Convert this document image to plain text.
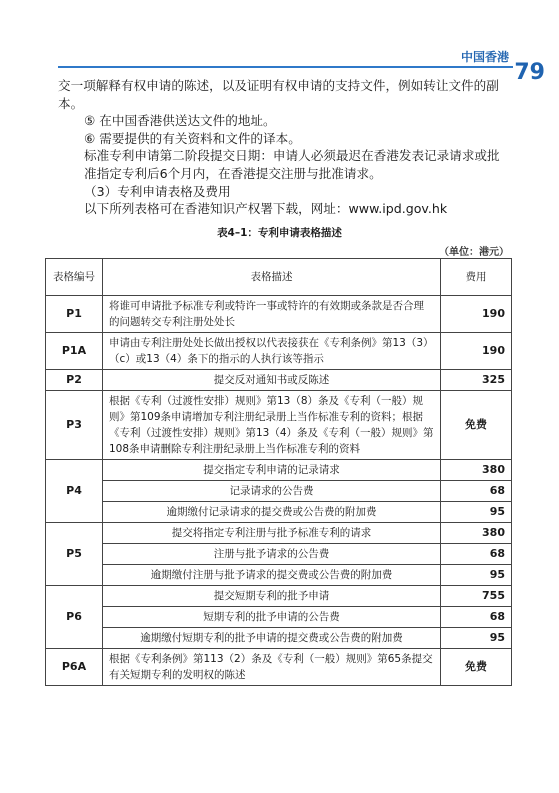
中国香港
79

交一项解释有权申请的陈述，以及证明有权申请的支持文件，例如转让文件的副本。

⑤ 在中国香港供送达文件的地址。

⑥ 需要提供的有关资料和文件的译本。

标准专利申请第二阶段提交日期：申请人必须最迟在香港发表记录请求或批准指定专利后6个月内，在香港提交注册与批准请求。

（3）专利申请表格及费用

以下所列表格可在香港知识产权署下载，网址：www.ipd.gov.hk

表4–1：专利申请表格描述
（单位：港元）
表格编号	表格描述	费用
P1	将谁可申请批予标准专利或特许一事或特许的有效期或条款是否合理的问题转交专利注册处处长	190
P1A	申请由专利注册处处长做出授权以代表接获在《专利条例》第13（3）（c）或13（4）条下的指示的人执行该等指示	190
P2	提交反对通知书或反陈述	325
P3	根据《专利（过渡性安排）规则》第13（8）条及《专利（一般）规则》第109条申请增加专利注册纪录册上当作标准专利的资料；根据《专利（过渡性安排）规则》第13（4）条及《专利（一般）规则》第108条申请删除专利注册纪录册上当作标准专利的资料	免费
P4	提交指定专利申请的记录请求	380
	记录请求的公告费	68
	逾期缴付记录请求的提交费或公告费的附加费	95
P5	提交将指定专利注册与批予标准专利的请求	380
	注册与批予请求的公告费	68
	逾期缴付注册与批予请求的提交费或公告费的附加费	95
P6	提交短期专利的批予申请	755
	短期专利的批予申请的公告费	68
	逾期缴付短期专利的批予申请的提交费或公告费的附加费	95
P6A	根据《专利条例》第113（2）条及《专利（一般）规则》第65条提交有关短期专利的发明权的陈述	免费
